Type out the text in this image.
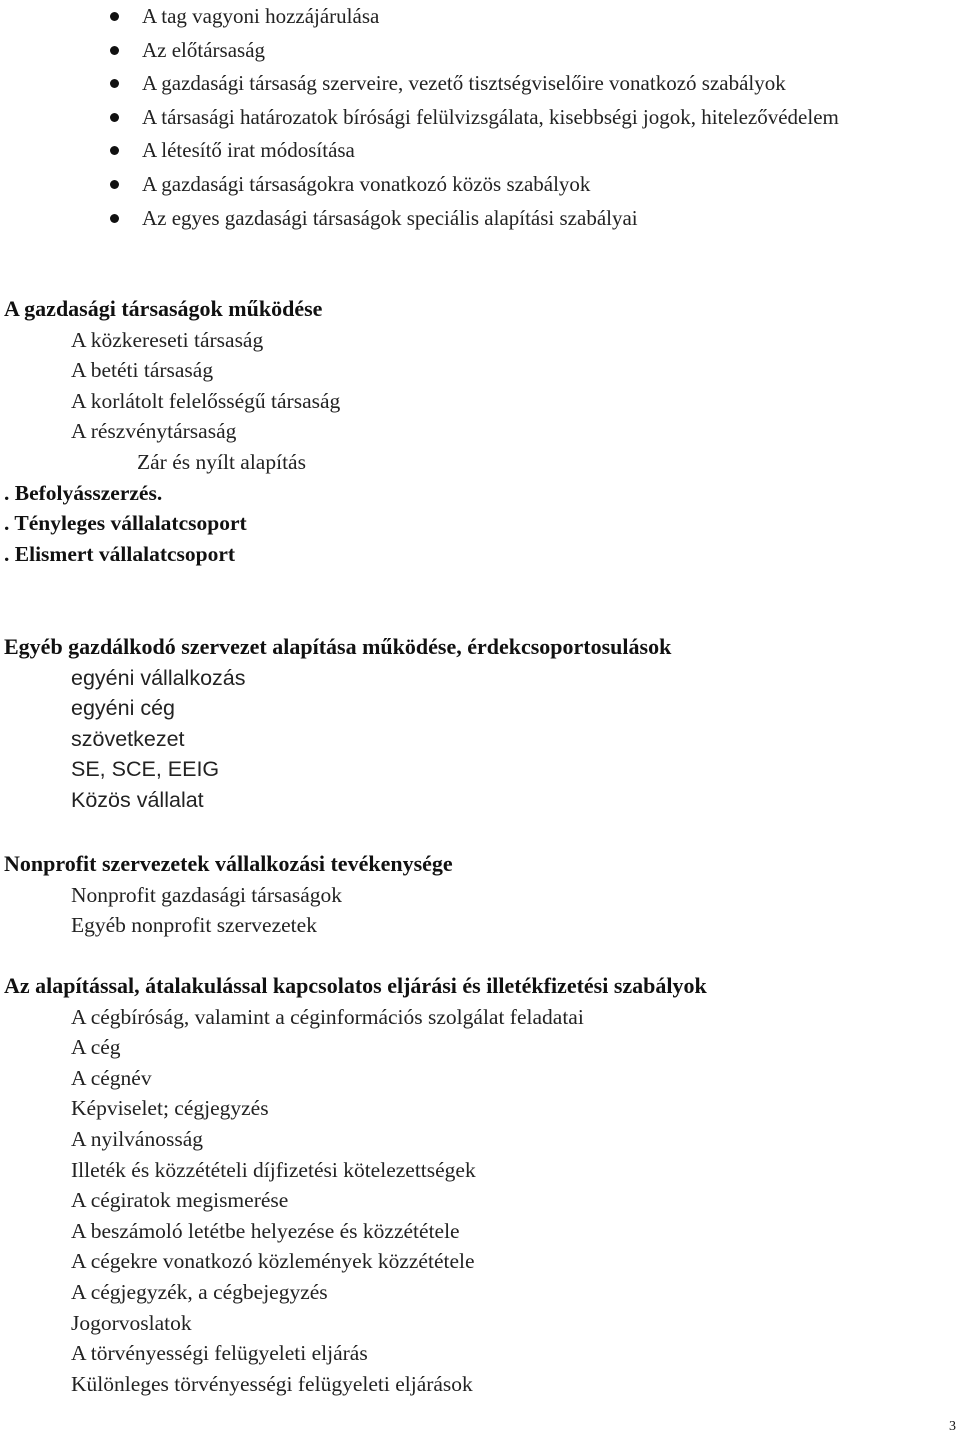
A tag vagyoni hozzájárulása
Az előtársaság
A gazdasági társaság szerveire, vezető tisztségviselőire vonatkozó szabályok
A társasági határozatok bírósági felülvizsgálata, kisebbségi jogok, hitelezővédelem
A létesítő irat módosítása
A gazdasági társaságokra vonatkozó közös szabályok
Az egyes gazdasági társaságok speciális alapítási szabályai
A gazdasági társaságok működése
A közkereseti társaság
A betéti társaság
A korlátolt felelősségű társaság
A részvénytársaság
Zár és nyílt alapítás
. Befolyásszerzés.
. Tényleges vállalatcsoport
. Elismert vállalatcsoport
Egyéb gazdálkodó szervezet alapítása működése, érdekcsoportosulások
egyéni vállalkozás
egyéni cég
szövetkezet
SE, SCE, EEIG
Közös vállalat
Nonprofit szervezetek vállalkozási tevékenysége
Nonprofit gazdasági társaságok
Egyéb nonprofit szervezetek
Az alapítással, átalakulással kapcsolatos eljárási és illetékfizetési szabályok
A cégbíróság, valamint a céginformációs szolgálat feladatai
A cég
A cégnév
Képviselet; cégjegyzés
A nyilvánosság
Illeték és közzétételi díjfizetési kötelezettségek
A cégiratok megismerése
A beszámoló letétbe helyezése és közzététele
A cégekre vonatkozó közlemények közzététele
A cégjegyzék, a cégbejegyzés
Jogorvoslatok
A törvényességi felügyeleti eljárás
Különleges törvényességi felügyeleti eljárások
3
